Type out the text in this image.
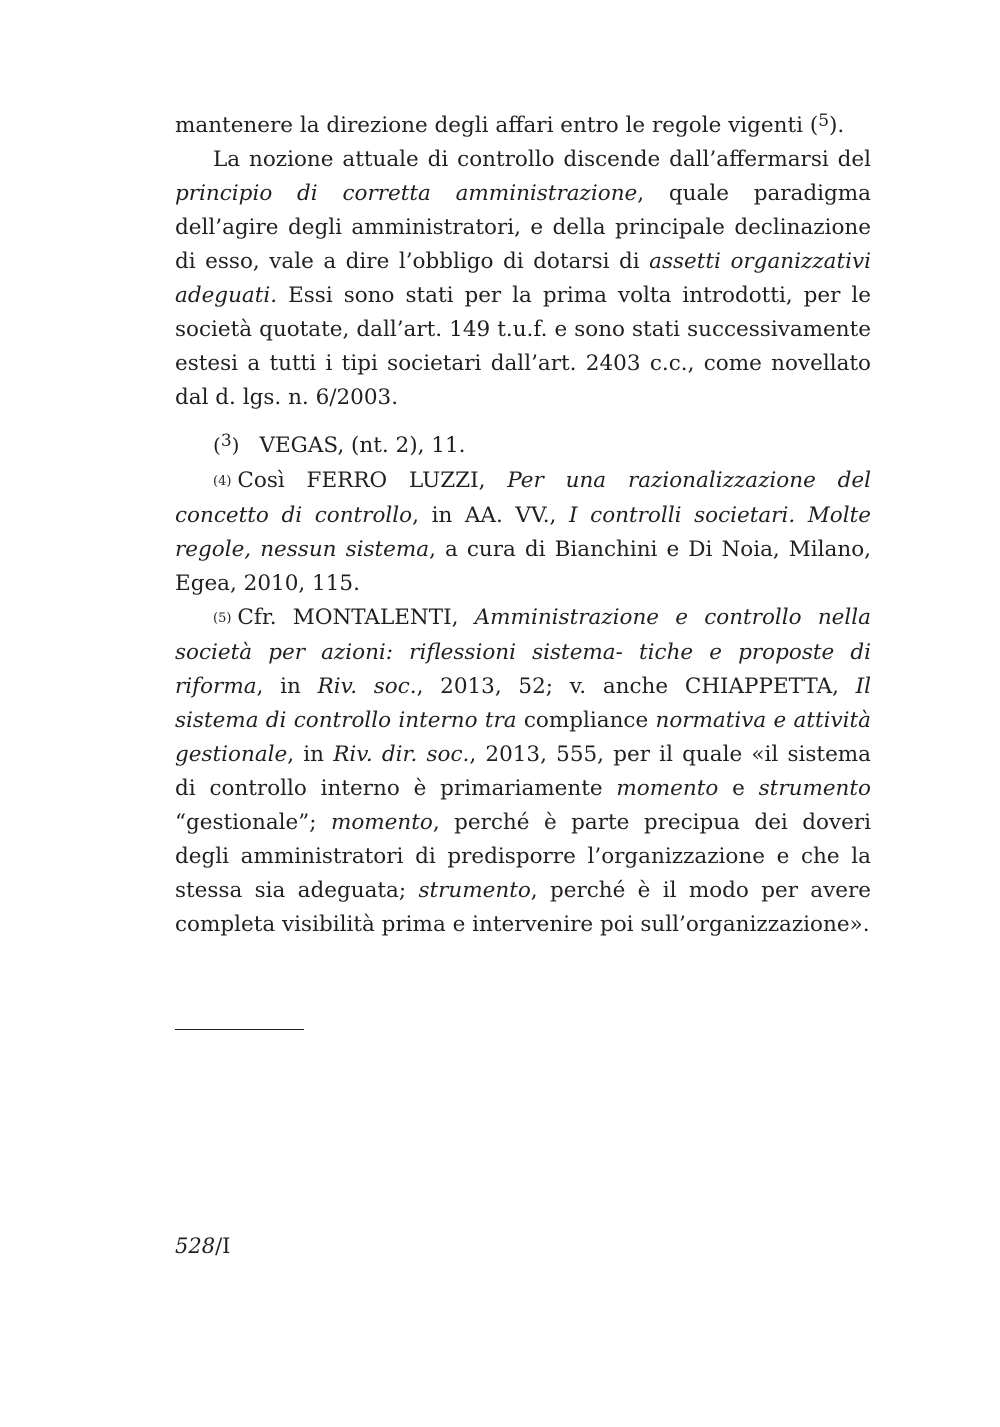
mantenere la direzione degli affari entro le regole vigenti ($^5$).

La nozione attuale di controllo discende dall’affermarsi del principio di corretta amministrazione, quale paradigma dell’agire degli amministratori, e della principale declinazione di esso, vale a dire l’obbligo di dotarsi di assetti organizzativi adeguati. Essi sono stati per la prima volta introdotti, per le società quotate, dall’art. 149 t.u.f. e sono stati successivamente estesi a tutti i tipi societari dall’art. 2403 c.c., come novellato dal d. lgs. n. 6/2003.

($^3$) VEGAS, (nt. 2), 11.

(4) Così FERRO LUZZI, Per una razionalizzazione del concetto di controllo, in AA. VV., I controlli societari. Molte regole, nessun sistema, a cura di Bianchini e Di Noia, Milano, Egea, 2010, 115.

(5) Cfr. MONTALENTI, Amministrazione e controllo nella società per azioni: riflessioni sistema- tiche e proposte di riforma, in Riv. soc., 2013, 52; v. anche CHIAPPETTA, Il sistema di controllo interno tra compliance normativa e attività gestionale, in Riv. dir. soc., 2013, 555, per il quale «il sistema di controllo interno è primariamente momento e strumento “gestionale”; momento, perché è parte precipua dei doveri degli amministratori di predisporre l’organizzazione e che la stessa sia adeguata; strumento, perché è il modo per avere completa visibilità prima e intervenire poi sull’organizzazione».

528/I
